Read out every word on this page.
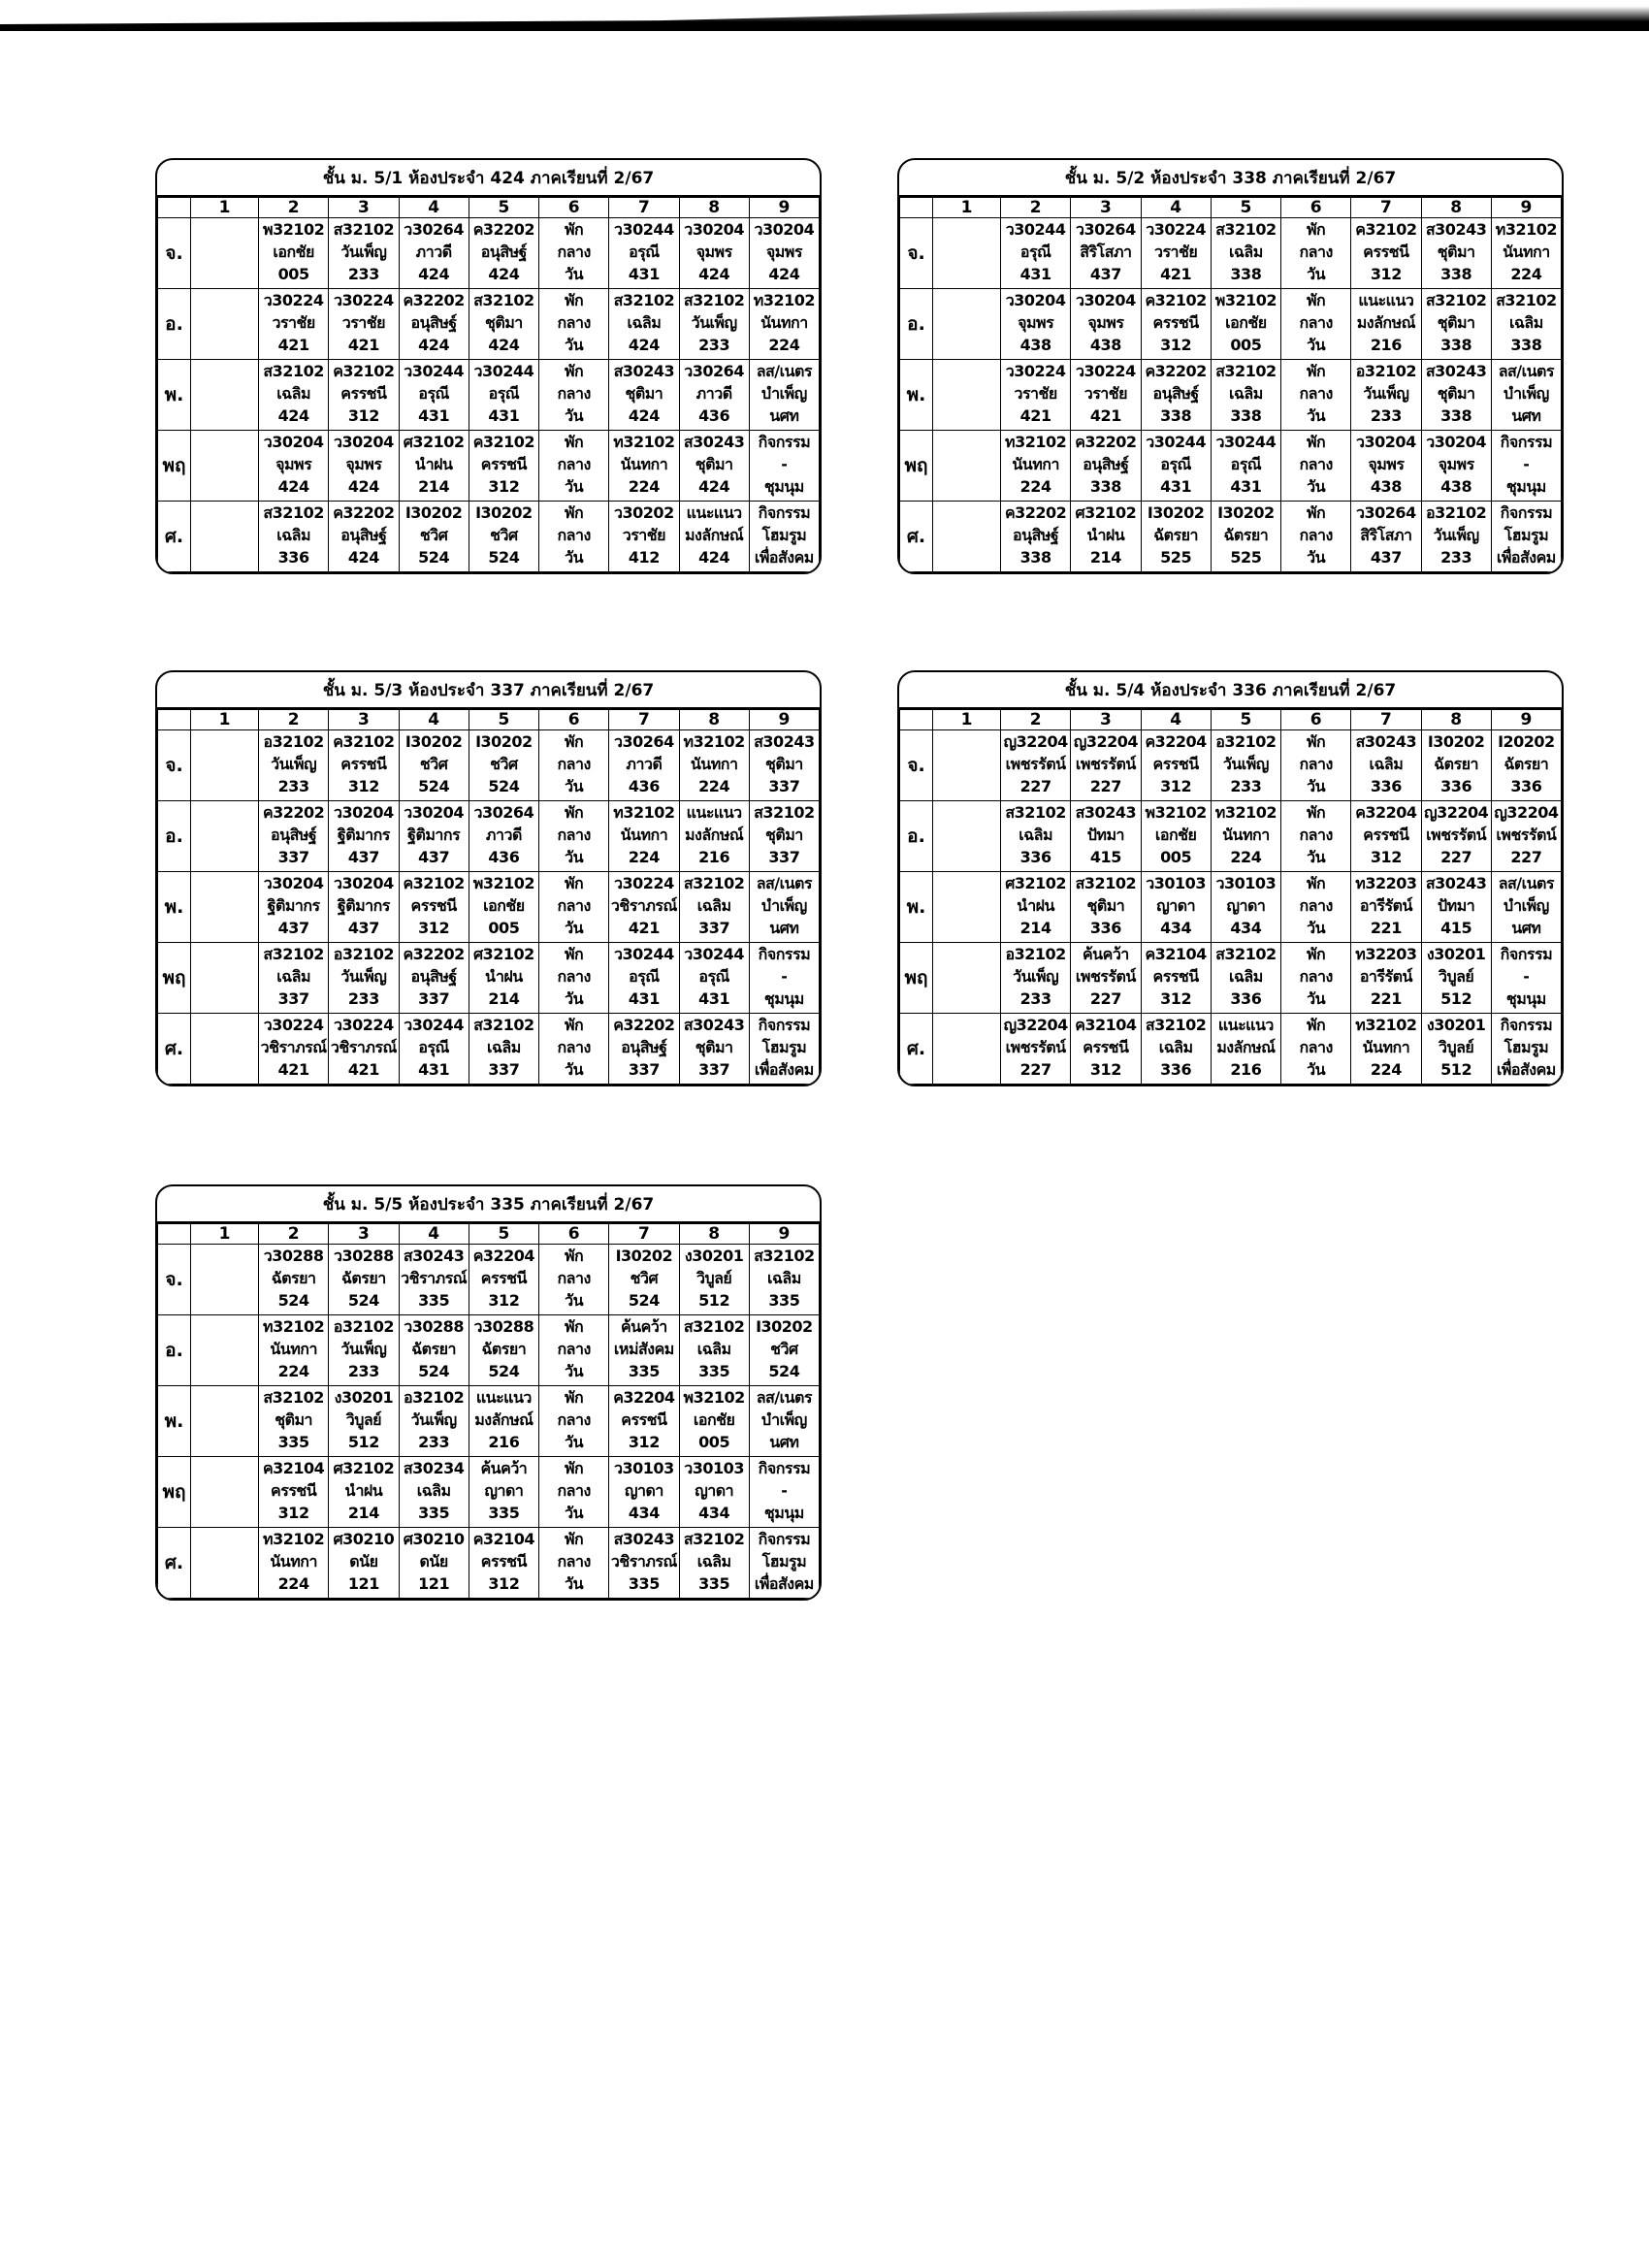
ชั้น ม. 5/1 ห้องประจำ 424 ภาคเรียนที่ 2/67
	1	2	3	4	5	6	7	8	9
จ.		พ32102
เอกชัย
005	ส32102
วันเพ็ญ
233	ว30264
ภาวดี
424	ค32202
อนุสิษฐ์
424	พัก
กลาง
วัน	ว30244
อรุณี
431	ว30204
จุมพร
424	ว30204
จุมพร
424

อ.		ว30224
วราชัย
421	ว30224
วราชัย
421	ค32202
อนุสิษฐ์
424	ส32102
ชุติมา
424	พัก
กลาง
วัน	ส32102
เฉลิม
424	ส32102
วันเพ็ญ
233	ท32102
นันทกา
224

พ.		ส32102
เฉลิม
424	ค32102
ครรชนี
312	ว30244
อรุณี
431	ว30244
อรุณี
431	พัก
กลาง
วัน	ส30243
ชุติมา
424	ว30264
ภาวดี
436	ลส/เนตร
บำเพ็ญ
นศท

พฤ		ว30204
จุมพร
424	ว30204
จุมพร
424	ศ32102
นำฝน
214	ค32102
ครรชนี
312	พัก
กลาง
วัน	ท32102
นันทกา
224	ส30243
ชุติมา
424	กิจกรรม
-
ชุมนุม

ศ.		ส32102
เฉลิม
336	ค32202
อนุสิษฐ์
424	I30202
ชวิศ
524	I30202
ชวิศ
524	พัก
กลาง
วัน	ว30202
วราชัย
412	แนะแนว
มงลักษณ์
424	กิจกรรม
โฮมรูม
เพื่อสังคม
ชั้น ม. 5/2 ห้องประจำ 338 ภาคเรียนที่ 2/67
	1	2	3	4	5	6	7	8	9
จ.		ว30244
อรุณี
431	ว30264
สิริโสภา
437	ว30224
วราชัย
421	ส32102
เฉลิม
338	พัก
กลาง
วัน	ค32102
ครรชนี
312	ส30243
ชุติมา
338	ท32102
นันทกา
224

อ.		ว30204
จุมพร
438	ว30204
จุมพร
438	ค32102
ครรชนี
312	พ32102
เอกชัย
005	พัก
กลาง
วัน	แนะแนว
มงลักษณ์
216	ส32102
ชุติมา
338	ส32102
เฉลิม
338

พ.		ว30224
วราชัย
421	ว30224
วราชัย
421	ค32202
อนุสิษฐ์
338	ส32102
เฉลิม
338	พัก
กลาง
วัน	อ32102
วันเพ็ญ
233	ส30243
ชุติมา
338	ลส/เนตร
บำเพ็ญ
นศท

พฤ		ท32102
นันทกา
224	ค32202
อนุสิษฐ์
338	ว30244
อรุณี
431	ว30244
อรุณี
431	พัก
กลาง
วัน	ว30204
จุมพร
438	ว30204
จุมพร
438	กิจกรรม
-
ชุมนุม

ศ.		ค32202
อนุสิษฐ์
338	ศ32102
นำฝน
214	I30202
ฉัตรยา
525	I30202
ฉัตรยา
525	พัก
กลาง
วัน	ว30264
สิริโสภา
437	อ32102
วันเพ็ญ
233	กิจกรรม
โฮมรูม
เพื่อสังคม
ชั้น ม. 5/3 ห้องประจำ 337 ภาคเรียนที่ 2/67
	1	2	3	4	5	6	7	8	9
จ.		อ32102
วันเพ็ญ
233	ค32102
ครรชนี
312	I30202
ชวิศ
524	I30202
ชวิศ
524	พัก
กลาง
วัน	ว30264
ภาวดี
436	ท32102
นันทกา
224	ส30243
ชุติมา
337

อ.		ค32202
อนุสิษฐ์
337	ว30204
ฐิติมากร
437	ว30204
ฐิติมากร
437	ว30264
ภาวดี
436	พัก
กลาง
วัน	ท32102
นันทกา
224	แนะแนว
มงลักษณ์
216	ส32102
ชุติมา
337

พ.		ว30204
ฐิติมากร
437	ว30204
ฐิติมากร
437	ค32102
ครรชนี
312	พ32102
เอกชัย
005	พัก
กลาง
วัน	ว30224
วชิราภรณ์
421	ส32102
เฉลิม
337	ลส/เนตร
บำเพ็ญ
นศท

พฤ		ส32102
เฉลิม
337	อ32102
วันเพ็ญ
233	ค32202
อนุสิษฐ์
337	ศ32102
นำฝน
214	พัก
กลาง
วัน	ว30244
อรุณี
431	ว30244
อรุณี
431	กิจกรรม
-
ชุมนุม

ศ.		ว30224
วชิราภรณ์
421	ว30224
วชิราภรณ์
421	ว30244
อรุณี
431	ส32102
เฉลิม
337	พัก
กลาง
วัน	ค32202
อนุสิษฐ์
337	ส30243
ชุติมา
337	กิจกรรม
โฮมรูม
เพื่อสังคม
ชั้น ม. 5/4 ห้องประจำ 336 ภาคเรียนที่ 2/67
	1	2	3	4	5	6	7	8	9
จ.		ญ32204
เพชรรัตน์
227	ญ32204
เพชรรัตน์
227	ค32204
ครรชนี
312	อ32102
วันเพ็ญ
233	พัก
กลาง
วัน	ส30243
เฉลิม
336	I30202
ฉัตรยา
336	I20202
ฉัตรยา
336

อ.		ส32102
เฉลิม
336	ส30243
ปัทมา
415	พ32102
เอกชัย
005	ท32102
นันทกา
224	พัก
กลาง
วัน	ค32204
ครรชนี
312	ญ32204
เพชรรัตน์
227	ญ32204
เพชรรัตน์
227

พ.		ศ32102
นำฝน
214	ส32102
ชุติมา
336	ว30103
ญาดา
434	ว30103
ญาดา
434	พัก
กลาง
วัน	ท32203
อารีรัตน์
221	ส30243
ปัทมา
415	ลส/เนตร
บำเพ็ญ
นศท

พฤ		อ32102
วันเพ็ญ
233	ค้นคว้า
เพชรรัตน์
227	ค32104
ครรชนี
312	ส32102
เฉลิม
336	พัก
กลาง
วัน	ท32203
อารีรัตน์
221	ง30201
วิบูลย์
512	กิจกรรม
-
ชุมนุม

ศ.		ญ32204
เพชรรัตน์
227	ค32104
ครรชนี
312	ส32102
เฉลิม
336	แนะแนว
มงลักษณ์
216	พัก
กลาง
วัน	ท32102
นันทกา
224	ง30201
วิบูลย์
512	กิจกรรม
โฮมรูม
เพื่อสังคม
ชั้น ม. 5/5 ห้องประจำ 335 ภาคเรียนที่ 2/67
	1	2	3	4	5	6	7	8	9
จ.		ว30288
ฉัตรยา
524	ว30288
ฉัตรยา
524	ส30243
วชิราภรณ์
335	ค32204
ครรชนี
312	พัก
กลาง
วัน	I30202
ชวิศ
524	ง30201
วิบูลย์
512	ส32102
เฉลิม
335

อ.		ท32102
นันทกา
224	อ32102
วันเพ็ญ
233	ว30288
ฉัตรยา
524	ว30288
ฉัตรยา
524	พัก
กลาง
วัน	ค้นคว้า
เหม่สังคม
335	ส32102
เฉลิม
335	I30202
ชวิศ
524

พ.		ส32102
ชุติมา
335	ง30201
วิบูลย์
512	อ32102
วันเพ็ญ
233	แนะแนว
มงลักษณ์
216	พัก
กลาง
วัน	ค32204
ครรชนี
312	พ32102
เอกชัย
005	ลส/เนตร
บำเพ็ญ
นศท

พฤ		ค32104
ครรชนี
312	ศ32102
นำฝน
214	ส30234
เฉลิม
335	ค้นคว้า
ญาดา
335	พัก
กลาง
วัน	ว30103
ญาดา
434	ว30103
ญาดา
434	กิจกรรม
-
ชุมนุม

ศ.		ท32102
นันทกา
224	ศ30210
ดนัย
121	ศ30210
ดนัย
121	ค32104
ครรชนี
312	พัก
กลาง
วัน	ส30243
วชิราภรณ์
335	ส32102
เฉลิม
335	กิจกรรม
โฮมรูม
เพื่อสังคม
